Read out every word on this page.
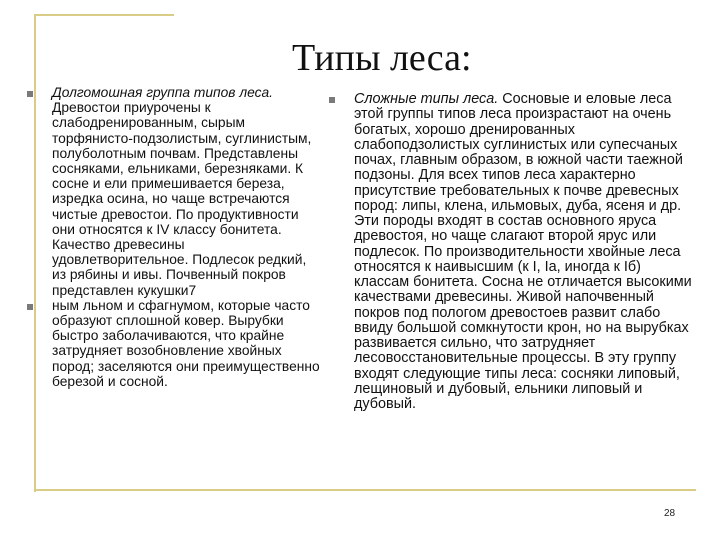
Типы леса:

Долгомошная группа типов леса. Древостои приурочены к слабодренированным, сырым торфянисто-подзолистым, суглинистым, полуболотным почвам. Представлены сосняками, ельниками, березняками. К сосне и ели примешивается береза, изредка осина, но чаще встречаются чистые древостои. По продуктивности они относятся к IV классу бонитета. Качество древесины удовлетворительное. Подлесок редкий, из рябины и ивы. Почвенный покров представлен кукушки7

ным льном и сфагнумом, которые часто образуют сплошной ковер. Вырубки быстро заболачиваются, что крайне затрудняет возобновление хвойных пород; заселяются они преимущественно березой и сосной.

Сложные типы леса. Сосновые и еловые леса этой группы типов леса произрастают на очень богатых, хорошо дренированных слабоподзолистых суглинистых или супесчаных почах, главным образом, в южной части таежной подзоны. Для всех типов леса характерно присутствие требовательных к почве древесных пород: липы, клена, ильмовых, дуба, ясеня и др. Эти породы входят в состав основного яруса древостоя, но чаще слагают второй ярус или подлесок. По производительности хвойные леса относятся к наивысшим (к I, Ia, иногда к Iб) классам бонитета. Сосна не отличается высокими качествами древесины. Живой напочвенный покров под пологом древостоев развит слабо ввиду большой сомкнутости крон, но на вырубках развивается сильно, что затрудняет лесовосстановительные процессы. В эту группу входят следующие типы леса: сосняки липовый, лещиновый и дубовый, ельники липовый и дубовый.

28
